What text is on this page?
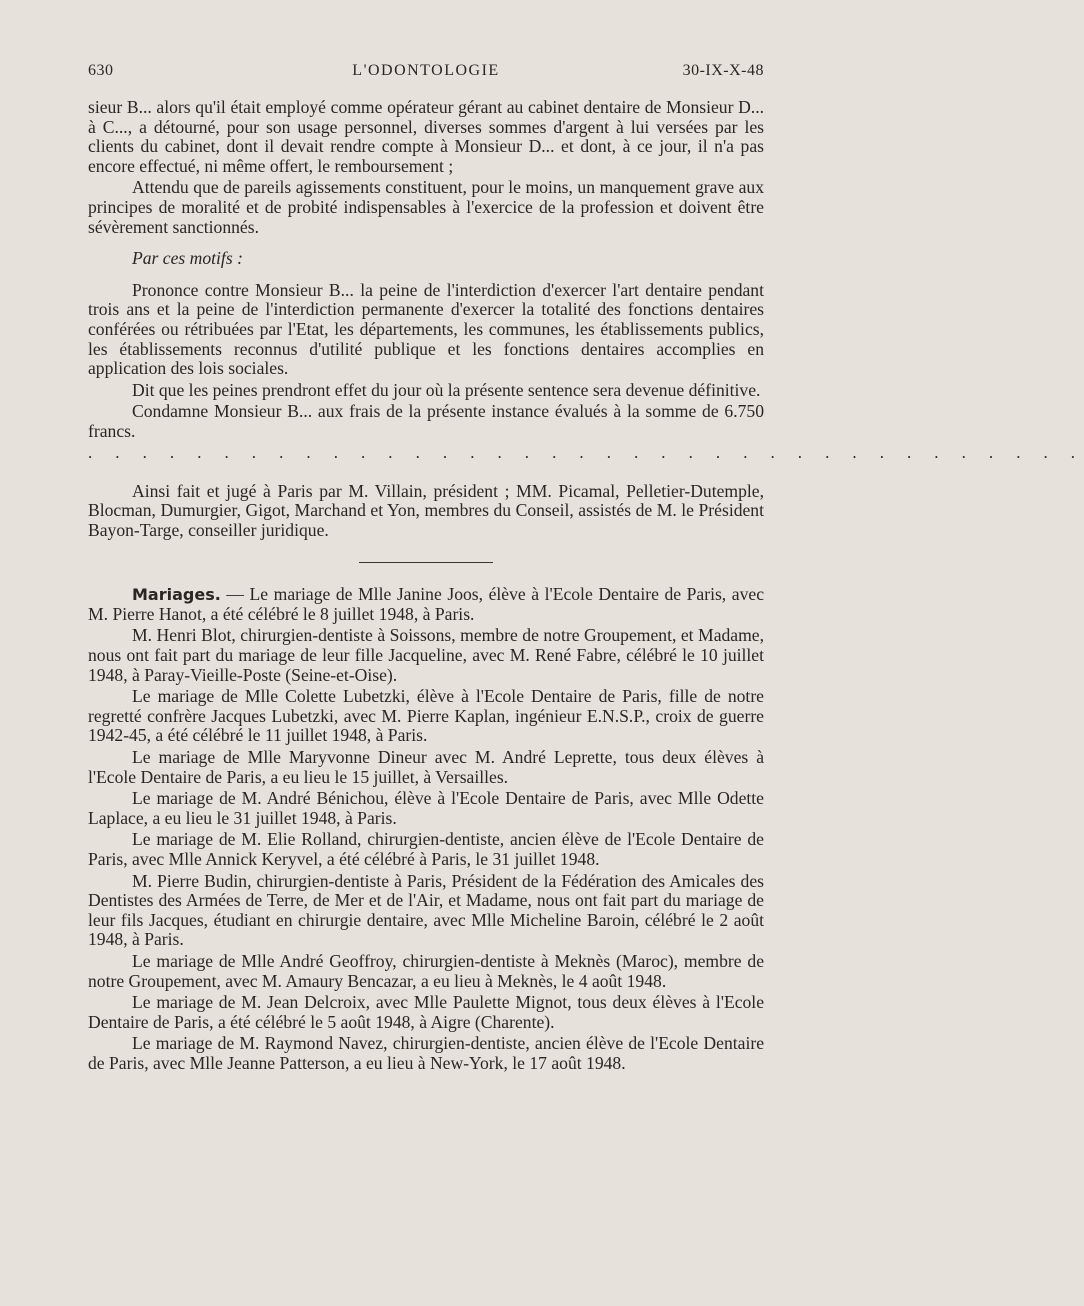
630	L'ODONTOLOGIE	30-IX-X-48

sieur B... alors qu'il était employé comme opérateur gérant au cabinet dentaire de Monsieur D... à C..., a détourné, pour son usage personnel, diverses sommes d'argent à lui versées par les clients du cabinet, dont il devait rendre compte à Monsieur D... et dont, à ce jour, il n'a pas encore effectué, ni même offert, le remboursement ;

Attendu que de pareils agissements constituent, pour le moins, un manquement grave aux principes de moralité et de probité indispensables à l'exercice de la profession et doivent être sévèrement sanctionnés.

Par ces motifs :

Prononce contre Monsieur B... la peine de l'interdiction d'exercer l'art dentaire pendant trois ans et la peine de l'interdiction permanente d'exercer la totalité des fonctions dentaires conférées ou rétribuées par l'Etat, les départements, les communes, les établissements publics, les établissements reconnus d'utilité publique et les fonctions dentaires accomplies en application des lois sociales.

Dit que les peines prendront effet du jour où la présente sentence sera devenue définitive.

Condamne Monsieur B... aux frais de la présente instance évalués à la somme de 6.750 francs.

. . . . . . . . . . . . . . . . . . . . . . . . . . . . . . . . . . . . .

Ainsi fait et jugé à Paris par M. Villain, président ; MM. Picamal, Pelletier-Dutemple, Blocman, Dumurgier, Gigot, Marchand et Yon, membres du Conseil, assistés de M. le Président Bayon-Targe, conseiller juridique.

Mariages. — Le mariage de Mlle Janine Joos, élève à l'Ecole Dentaire de Paris, avec M. Pierre Hanot, a été célébré le 8 juillet 1948, à Paris.

M. Henri Blot, chirurgien-dentiste à Soissons, membre de notre Groupement, et Madame, nous ont fait part du mariage de leur fille Jacqueline, avec M. René Fabre, célébré le 10 juillet 1948, à Paray-Vieille-Poste (Seine-et-Oise).

Le mariage de Mlle Colette Lubetzki, élève à l'Ecole Dentaire de Paris, fille de notre regretté confrère Jacques Lubetzki, avec M. Pierre Kaplan, ingénieur E.N.S.P., croix de guerre 1942-45, a été célébré le 11 juillet 1948, à Paris.

Le mariage de Mlle Maryvonne Dineur avec M. André Leprette, tous deux élèves à l'Ecole Dentaire de Paris, a eu lieu le 15 juillet, à Versailles.

Le mariage de M. André Bénichou, élève à l'Ecole Dentaire de Paris, avec Mlle Odette Laplace, a eu lieu le 31 juillet 1948, à Paris.

Le mariage de M. Elie Rolland, chirurgien-dentiste, ancien élève de l'Ecole Dentaire de Paris, avec Mlle Annick Keryvel, a été célébré à Paris, le 31 juillet 1948.

M. Pierre Budin, chirurgien-dentiste à Paris, Président de la Fédération des Amicales des Dentistes des Armées de Terre, de Mer et de l'Air, et Madame, nous ont fait part du mariage de leur fils Jacques, étudiant en chirurgie dentaire, avec Mlle Micheline Baroin, célébré le 2 août 1948, à Paris.

Le mariage de Mlle André Geoffroy, chirurgien-dentiste à Meknès (Maroc), membre de notre Groupement, avec M. Amaury Bencazar, a eu lieu à Meknès, le 4 août 1948.

Le mariage de M. Jean Delcroix, avec Mlle Paulette Mignot, tous deux élèves à l'Ecole Dentaire de Paris, a été célébré le 5 août 1948, à Aigre (Charente).

Le mariage de M. Raymond Navez, chirurgien-dentiste, ancien élève de l'Ecole Dentaire de Paris, avec Mlle Jeanne Patterson, a eu lieu à New-York, le 17 août 1948.
